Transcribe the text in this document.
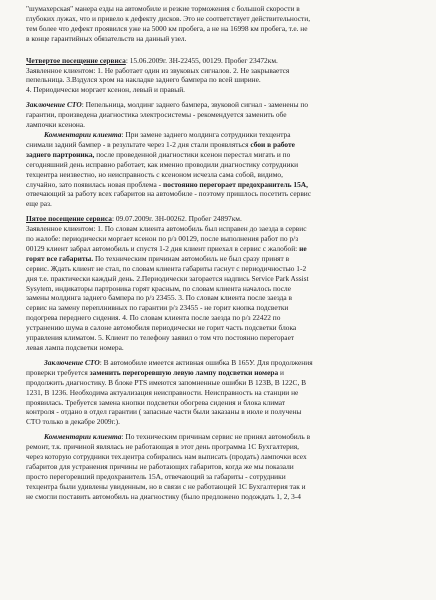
"шумахерская" манера езды на автомобиле и резкие торможения с большой скорости в
глубоких лужах, что и привело к дефекту дисков. Это не соответствует действительности,
тем более что дефект проявился уже на 5000 км пробега, а не на 16998 км пробега, т.е. не
в конце гарантийных обязательств на данный узел.
Четвертое посещение сервиса: 15.06.2009г. ЗН-22455, 00129. Пробег 23472км.
Заявленное клиентом: 1. Не работает один из звуковых сигналов. 2. Не закрывается
пепельница. 3.Вздулся хром на накладке заднего бампера по всей ширине.
4. Периодически моргает ксенон, левый и правый.
Заключение СТО: Пепельница, молдинг заднего бампера, звуковой сигнал - заменены по
гарантии, произведена диагностика электросистемы - рекомендуется заменить обе
лампочки ксенона.
Комментарии клиента: При замене заднего молдинга сотрудники техцентра
снимали задний бампер - в результате через 1-2 дня стали проявляться сбои в работе
заднего партроника, после проведенной диагностики ксенон перестал мигать и по
сегодняшний день исправно работает, как именно проводили диагностику сотрудники
техцентра неизвестно, но неисправность с ксеноном исчезла сама собой, видимо,
случайно, зато появилась новая проблема - постоянно перегорает предохранитель 15А,
отвечающий за работу всех габаритов на автомобиле - поэтому пришлось посетить сервис
еще раз.
Пятое посещение сервиса: 09.07.2009г. ЗН-00262. Пробег 24897км.
Заявленное клиентом: 1. По словам клиента автомобиль был исправен до заезда в сервис
по жалобе: периодически моргает ксенон по р/з 00129, после выполнения работ по р/з
00129 клиент забрал автомобиль и спустя 1-2 дня клиент приехал в сервис с жалобой: не
горят все габариты. По техническим причинам автомобиль не был сразу принят в
сервис. Ждать клиент не стал, по словам клиента габариты гаснут с периодичностью 1-2
дня т.е. практически каждый день. 2.Периодически загорается надпись Service Park Assist
Sysytem, индикаторы партроника горят красным, по словам клиента началось после
замены молдинга заднего бампера по р/з 23455. 3. По словам клиента после заезда в
сервис на замену переплнивных по гарантии р/з 23455 - не горит кнопка подсветки
подогрева переднего сидения. 4. По словам клиента после заезда по р/з 22422 по
устранению шума в салоне автомобиля периодически не горит часть подсветки блока
управления климатом. 5. Клиент по телефону заявил о том что постоянно перегорает
левая лампа подсветки номера.
Заключение СТО: В автомобиле имеется активная ошибка В 165У. Для продолжения
проверки требуется заменить перегоревшую левую лампу подсветки номера и
продолжить диагностику. В блоке PTS имеются запомненные ошибки В 123В, В 122С, В
1231, В 1236. Необходима актуализация неисправности. Неисправность на станции не
проявилась. Требуется замена кнопки подсветки обогрева сидения и блока климат
контроля - отдано в отдел гарантии ( запасные части были заказаны в июле и получены
СТО только в декабре 2009г.).
Комментарии клиента: По техническим причинам сервис не принял автомобиль в
ремонт, т.к. причиной являлась не работающая в этот день программа 1С Бухгалтерия,
через которую сотрудники тех.центра собирались нам выписать (продать) лампочки всех
габаритов для устранения причины не работающих габаритов, когда же мы показали
просто перегоревший предохранитель 15А, отвечающий за габариты - сотрудники
техцентра были удивлены увиденным, но в связи с не работающей 1С Бухгалтерия так и
не смогли поставить автомобиль на диагностику (было предложено подождать 1, 2, 3-4
